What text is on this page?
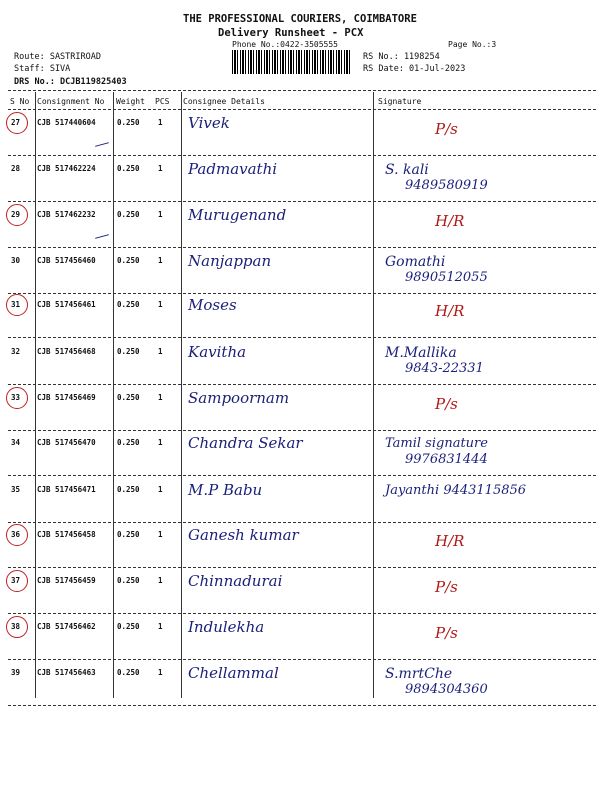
THE PROFESSIONAL COURIERS, COIMBATORE
Delivery Runsheet - PCX
Phone No.:0422-3505555	Page No.:3
Route: SASTRIROAD
Staff: SIVA
DRS No.: DCJB119825403
RS No.: 1198254
RS Date: 01-Jul-2023
S No Consignment No Weight PCS Consignee Details	Signature
27 CJB 517440604	0.250 1 Vivek	P/s
28 CJB 517462224	0.250 1 Padmavathi	S. kali
9489580919
29 CJB 517462232	0.250 1 Murugenand	H/R
30 CJB 517456460	0.250 1 Nanjappan	Gomathi
9890512055
31 CJB 517456461	0.250 1 Moses	H/R
32 CJB 517456468	0.250 1 Kavitha	M.Mallika
9843-22331
33 CJB 517456469	0.250 1 Sampoornam	P/s
34 CJB 517456470	0.250 1 Chandra Sekar	Tamil signature
9976831444
35 CJB 517456471	0.250 1 M.P Babu	Jayanthi 9443115856
36 CJB 517456458	0.250 1 Ganesh kumar	H/R
37 CJB 517456459	0.250 1 Chinnadurai	P/s
38 CJB 517456462	0.250 1 Indulekha	P/s
39 CJB 517456463	0.250 1 Chellammal	S.mrtChe
9894304360
